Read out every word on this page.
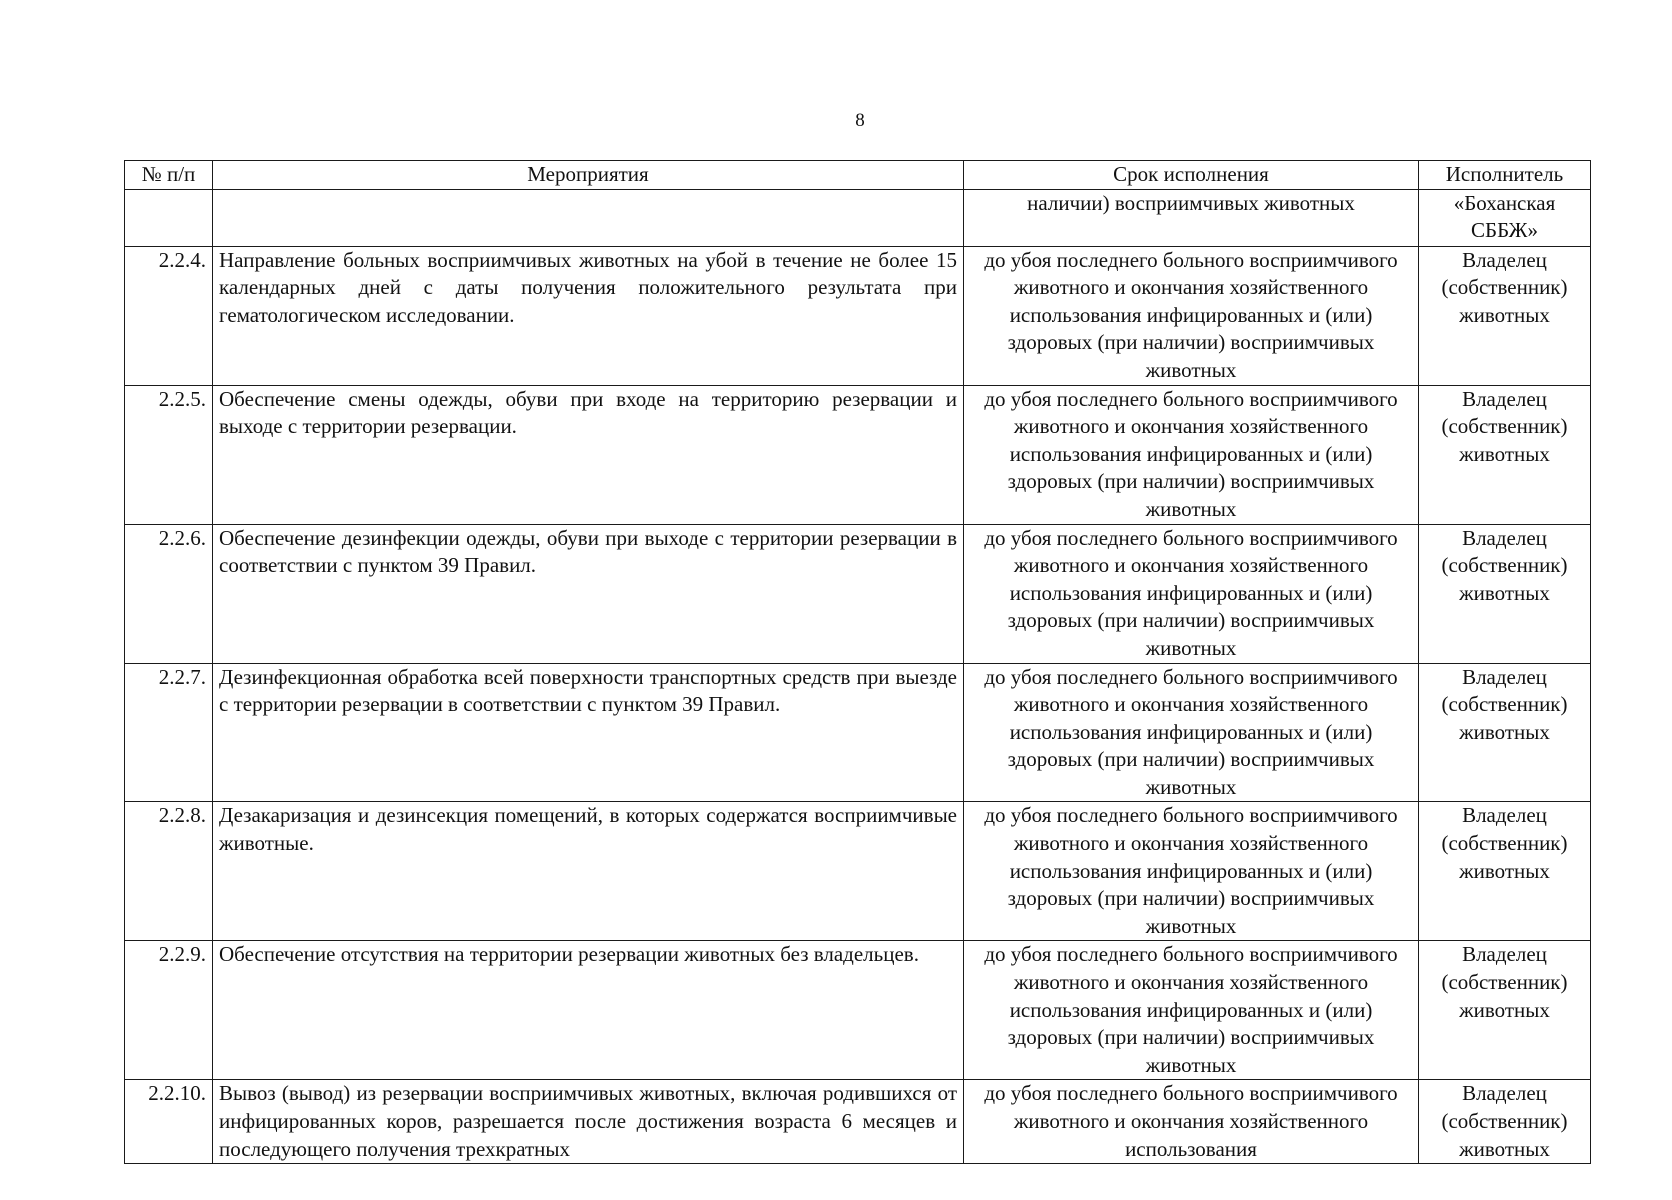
8
№ п/п	Мероприятия	Срок исполнения	Исполнитель
		наличии) восприимчивых животных	«Боханская СББЖ»
2.2.4.	Направление больных восприимчивых животных на убой в течение не более 15 календарных дней с даты получения положительного результата при гематологическом исследовании.	до убоя последнего больного восприимчивого животного и окончания хозяйственного использования инфицированных и (или) здоровых (при наличии) восприимчивых животных	Владелец (собственник) животных
2.2.5.	Обеспечение смены одежды, обуви при входе на территорию резервации и выходе с территории резервации.	до убоя последнего больного восприимчивого животного и окончания хозяйственного использования инфицированных и (или) здоровых (при наличии) восприимчивых животных	Владелец (собственник) животных
2.2.6.	Обеспечение дезинфекции одежды, обуви при выходе с территории резервации в соответствии с пунктом 39 Правил.	до убоя последнего больного восприимчивого животного и окончания хозяйственного использования инфицированных и (или) здоровых (при наличии) восприимчивых животных	Владелец (собственник) животных
2.2.7.	Дезинфекционная обработка всей поверхности транспортных средств при выезде с территории резервации в соответствии с пунктом 39 Правил.	до убоя последнего больного восприимчивого животного и окончания хозяйственного использования инфицированных и (или) здоровых (при наличии) восприимчивых животных	Владелец (собственник) животных
2.2.8.	Дезакаризация и дезинсекция помещений, в которых содержатся восприимчивые животные.	до убоя последнего больного восприимчивого животного и окончания хозяйственного использования инфицированных и (или) здоровых (при наличии) восприимчивых животных	Владелец (собственник) животных
2.2.9.	Обеспечение отсутствия на территории резервации животных без владельцев.	до убоя последнего больного восприимчивого животного и окончания хозяйственного использования инфицированных и (или) здоровых (при наличии) восприимчивых животных	Владелец (собственник) животных
2.2.10.	Вывоз (вывод) из резервации восприимчивых животных, включая родившихся от инфицированных коров, разрешается после достижения возраста 6 месяцев и последующего получения трехкратных	до убоя последнего больного восприимчивого животного и окончания хозяйственного использования	Владелец (собственник) животных
